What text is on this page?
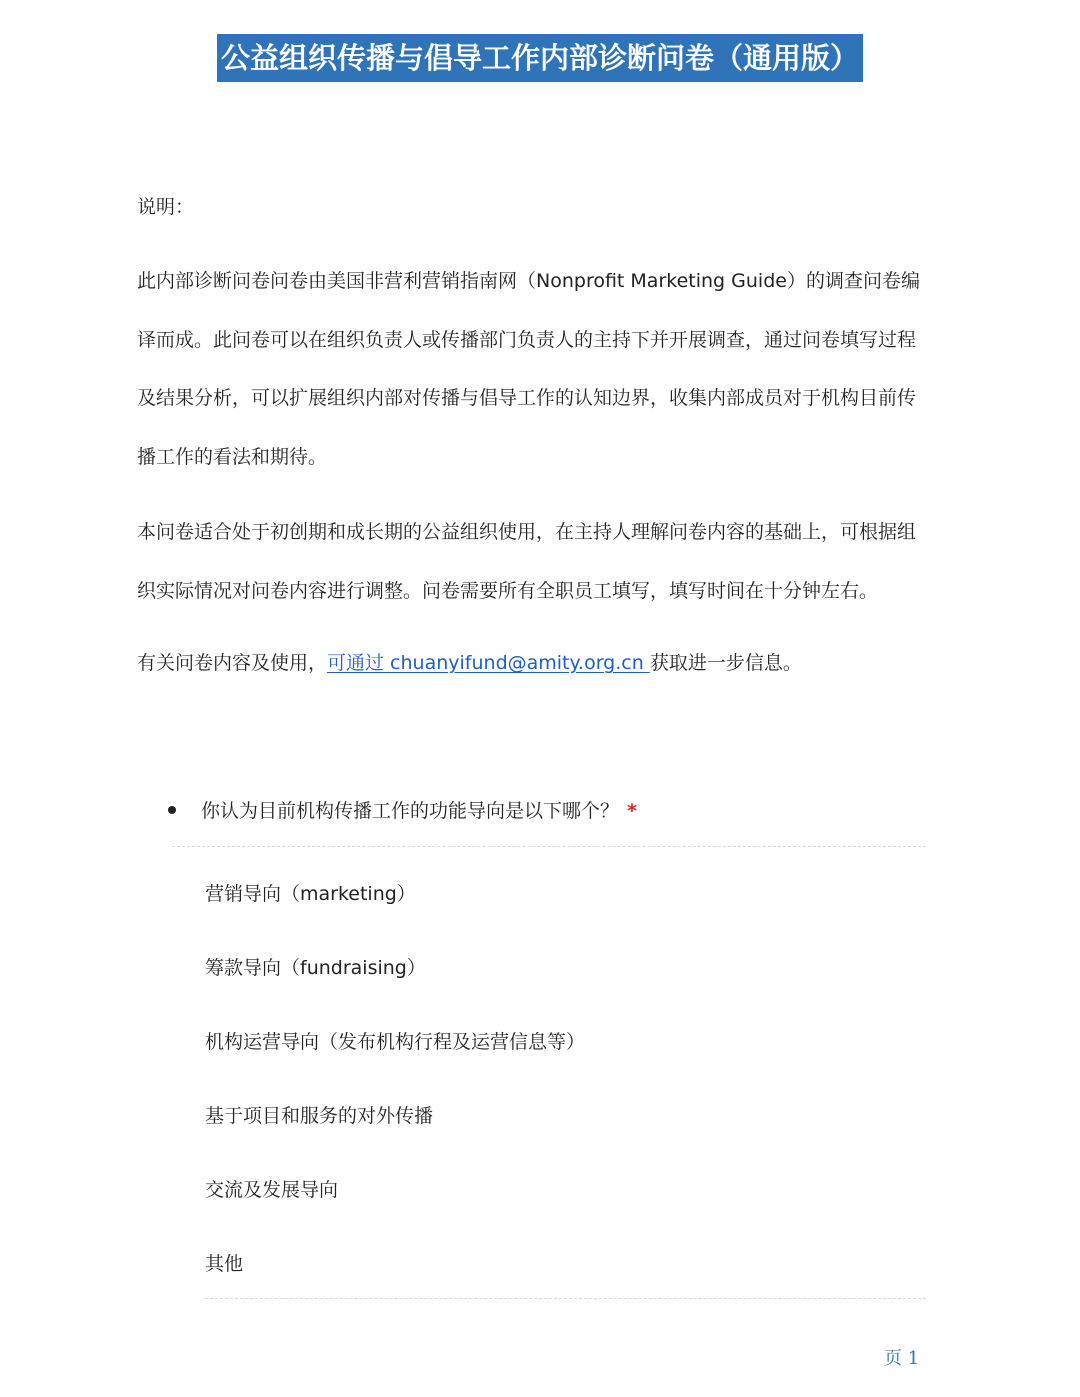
公益组织传播与倡导工作内部诊断问卷（通用版）
说明：

此内部诊断问卷问卷由美国非营利营销指南网（Nonprofit Marketing Guide）的调查问卷编译而成。此问卷可以在组织负责人或传播部门负责人的主持下并开展调查，通过问卷填写过程及结果分析，可以扩展组织内部对传播与倡导工作的认知边界，收集内部成员对于机构目前传播工作的看法和期待。

本问卷适合处于初创期和成长期的公益组织使用，在主持人理解问卷内容的基础上，可根据组织实际情况对问卷内容进行调整。问卷需要所有全职员工填写，填写时间在十分钟左右。

有关问卷内容及使用，可通过 chuanyifund@amity.org.cn 获取进一步信息。

你认为目前机构传播工作的功能导向是以下哪个？ *
营销导向（marketing）
筹款导向（fundraising）
机构运营导向（发布机构行程及运营信息等）
基于项目和服务的对外传播
交流及发展导向
其他
页 1
